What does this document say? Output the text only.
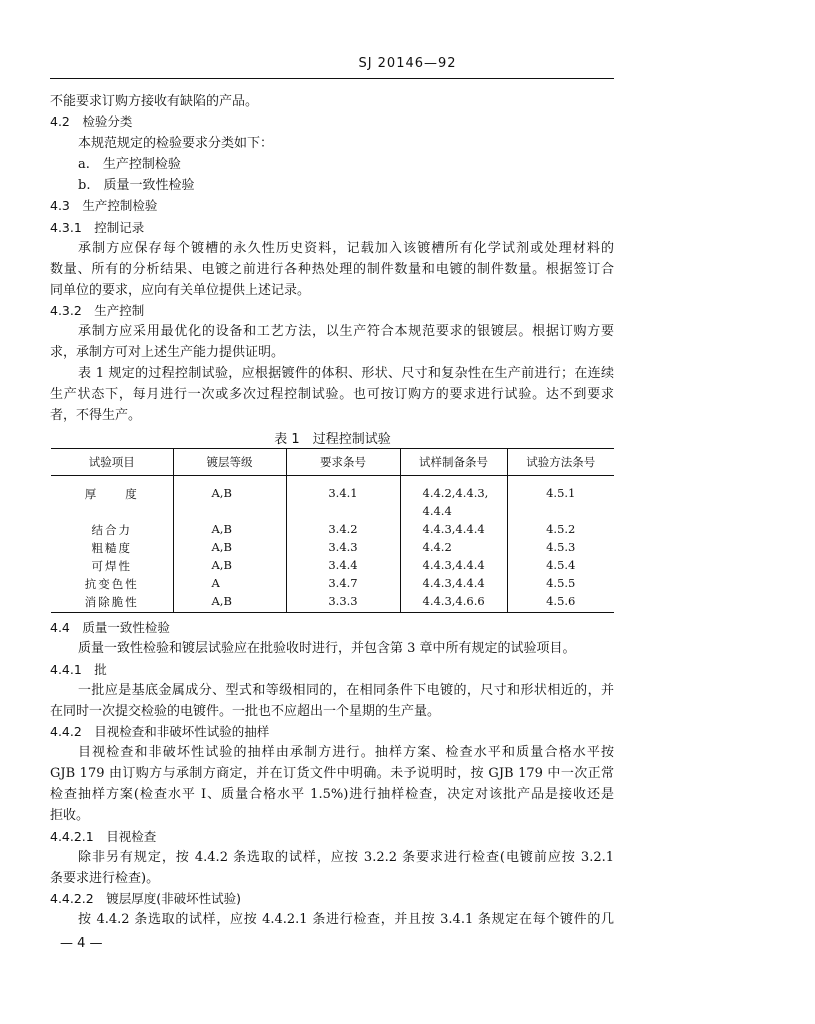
SJ 20146—92
不能要求订购方接收有缺陷的产品。
4.2　检验分类
本规范规定的检验要求分类如下：
a.　生产控制检验
b.　质量一致性检验
4.3　生产控制检验
4.3.1　控制记录
承制方应保存每个镀槽的永久性历史资料，记载加入该镀槽所有化学试剂或处理材料的
数量、所有的分析结果、电镀之前进行各种热处理的制件数量和电镀的制件数量。根据签订合
同单位的要求，应向有关单位提供上述记录。
4.3.2　生产控制
承制方应采用最优化的设备和工艺方法，以生产符合本规范要求的银镀层。根据订购方要
求，承制方可对上述生产能力提供证明。
表 1 规定的过程控制试验，应根据镀件的体积、形状、尺寸和复杂性在生产前进行；在连续
生产状态下，每月进行一次或多次过程控制试验。也可按订购方的要求进行试验。达不到要求
者，不得生产。
表 1　过程控制试验
试验项目	镀层等级	要求条号	试样制备条号	试验方法条号
厚　　度	A,B	3.4.1	4.4.2,4.4.3,
4.4.4	4.5.1
结合力	A,B	3.4.2	4.4.3,4.4.4	4.5.2
粗糙度	A,B	3.4.3	4.4.2	4.5.3
可焊性	A,B	3.4.4	4.4.3,4.4.4	4.5.4
抗变色性	A	3.4.7	4.4.3,4.4.4	4.5.5
消除脆性	A,B	3.3.3	4.4.3,4.6.6	4.5.6
4.4　质量一致性检验
质量一致性检验和镀层试验应在批验收时进行，并包含第 3 章中所有规定的试验项目。
4.4.1　批
一批应是基底金属成分、型式和等级相同的，在相同条件下电镀的，尺寸和形状相近的，并
在同时一次提交检验的电镀件。一批也不应超出一个星期的生产量。
4.4.2　目视检查和非破坏性试验的抽样
目视检查和非破坏性试验的抽样由承制方进行。抽样方案、检查水平和质量合格水平按
GJB 179 由订购方与承制方商定，并在订货文件中明确。未予说明时，按 GJB 179 中一次正常
检查抽样方案(检查水平 Ⅰ、质量合格水平 1.5%)进行抽样检查，决定对该批产品是接收还是
拒收。
4.4.2.1　目视检查
除非另有规定，按 4.4.2 条选取的试样，应按 3.2.2 条要求进行检查(电镀前应按 3.2.1
条要求进行检查)。
4.4.2.2　镀层厚度(非破坏性试验)
按 4.4.2 条选取的试样，应按 4.4.2.1 条进行检查，并且按 3.4.1 条规定在每个镀件的几
— 4 —
